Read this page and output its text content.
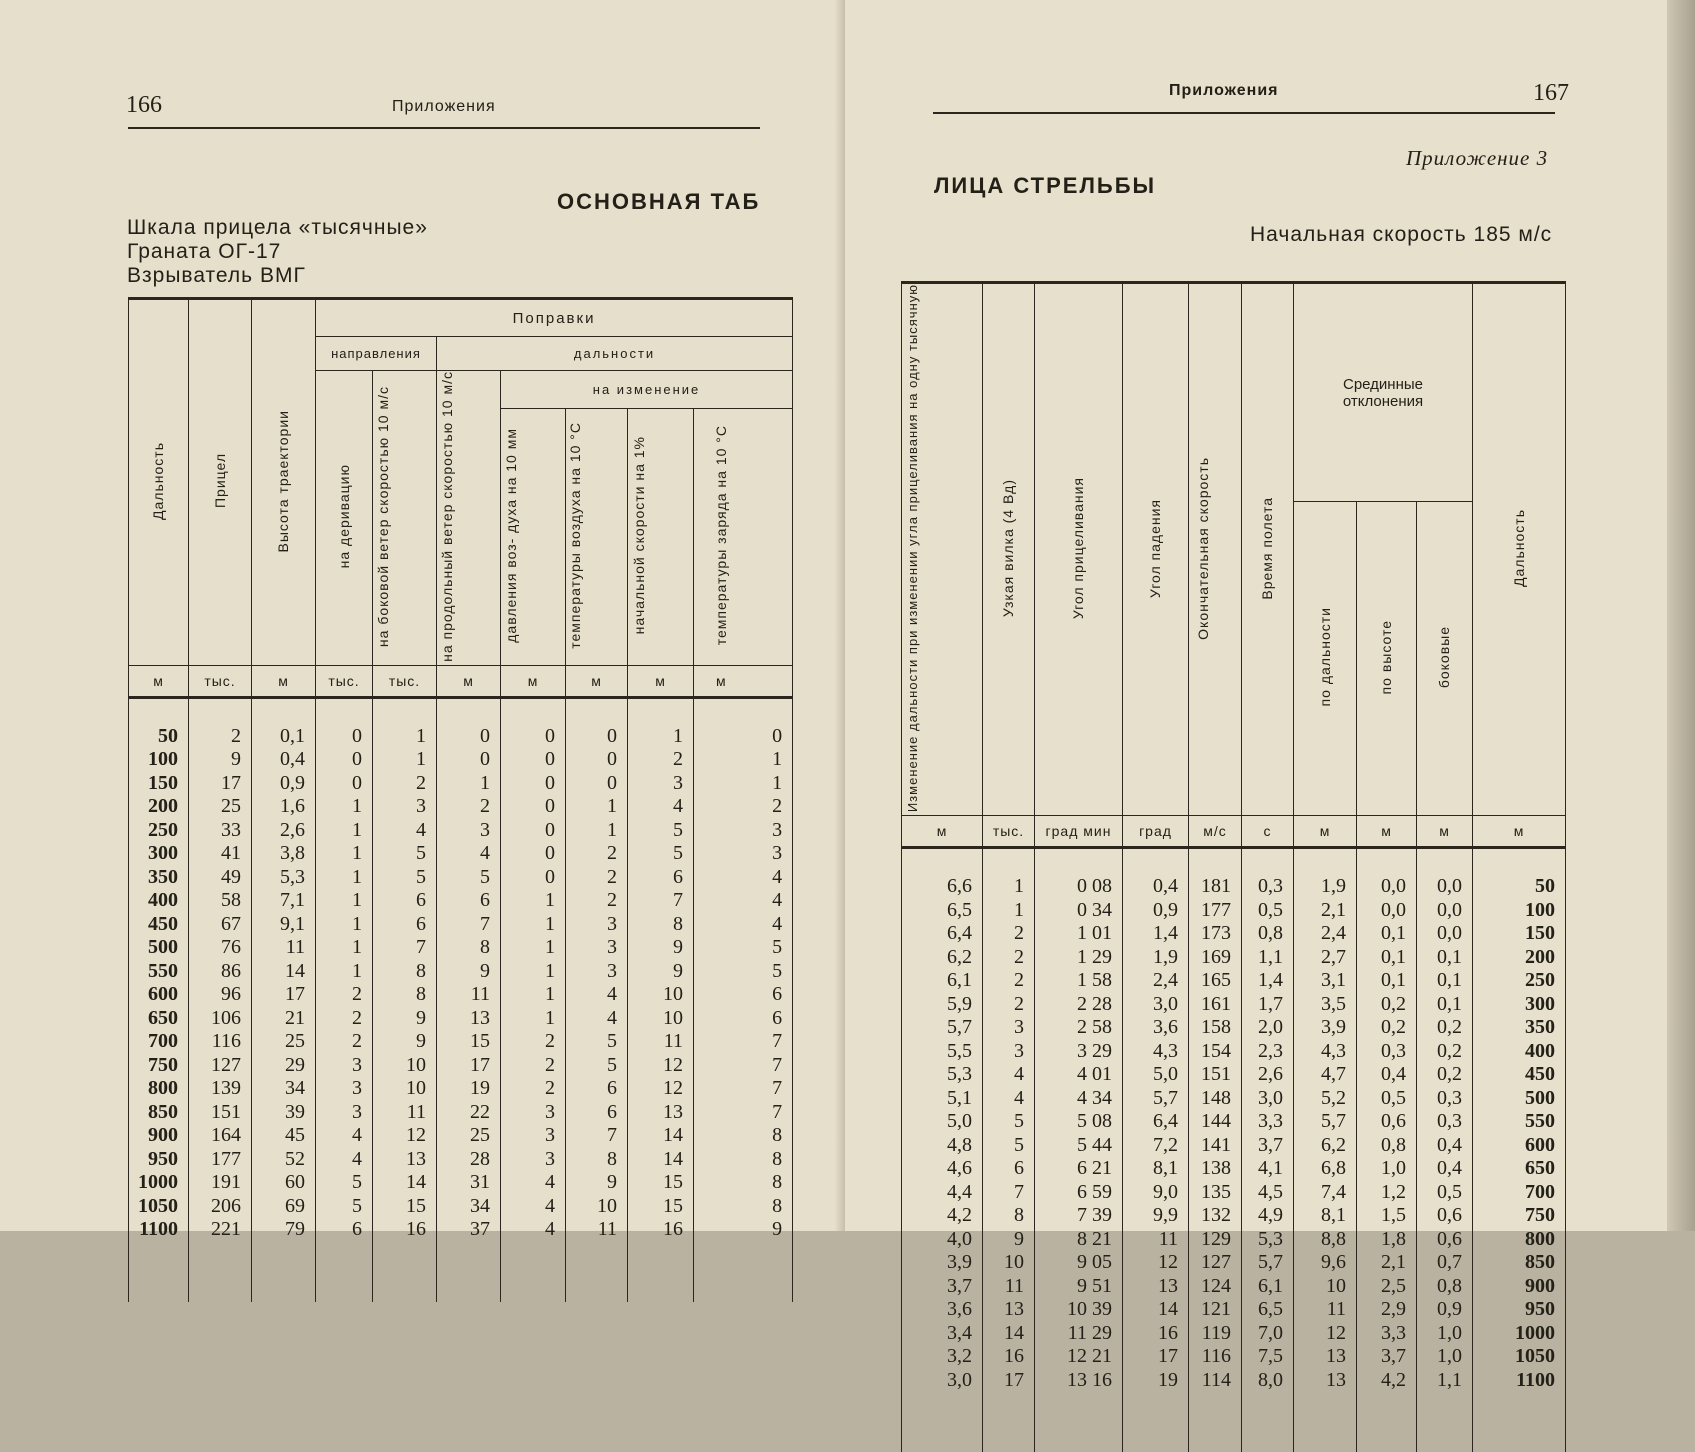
166	Приложения
ОСНОВНАЯ ТАБ
Шкала прицела «тысячные»
Граната ОГ-17
Взрыватель ВМГ
Дальность	Прицел	Высота траектории	Поправки						
			направления		дальности				
			на деривацию	на боковой ветер скоростью 10 м/с	на продольный ветер скоростью 10 м/с	на изменение			
						давления воз- духа на 10 мм	температуры воздуха на 10 °С	начальной скорости на 1%	температуры заряда на 10 °С
м	тыс.	м	тыс.	тыс.	м	м	м	м	м
50	2	0,1	0	1	0	0	0	1	0
100	9	0,4	0	1	0	0	0	2	1
150	17	0,9	0	2	1	0	0	3	1
200	25	1,6	1	3	2	0	1	4	2
250	33	2,6	1	4	3	0	1	5	3
300	41	3,8	1	5	4	0	2	5	3
350	49	5,3	1	5	5	0	2	6	4
400	58	7,1	1	6	6	1	2	7	4
450	67	9,1	1	6	7	1	3	8	4
500	76	11	1	7	8	1	3	9	5
550	86	14	1	8	9	1	3	9	5
600	96	17	2	8	11	1	4	10	6
650	106	21	2	9	13	1	4	10	6
700	116	25	2	9	15	2	5	11	7
750	127	29	3	10	17	2	5	12	7
800	139	34	3	10	19	2	6	12	7
850	151	39	3	11	22	3	6	13	7
900	164	45	4	12	25	3	7	14	8
950	177	52	4	13	28	3	8	14	8
1000	191	60	5	14	31	4	9	15	8
1050	206	69	5	15	34	4	10	15	8
1100	221	79	6	16	37	4	11	16	9

Приложения	167
Приложение 3
ЛИЦА СТРЕЛЬБЫ
Начальная скорость 185 м/с
Изменение дальности при изменении угла прицеливания на одну тысячную	Узкая вилка (4 Вд)	Угол прицеливания	Угол падения	Окончательная скорость	Время полета	Срединные отклонения			Дальность
						по дальности	по высоте	боковые	
м	тыс.	град мин	град	м/с	с	м	м	м	м
6,6	1	0 08	0,4	181	0,3	1,9	0,0	0,0	50
6,5	1	0 34	0,9	177	0,5	2,1	0,0	0,0	100
6,4	2	1 01	1,4	173	0,8	2,4	0,1	0,0	150
6,2	2	1 29	1,9	169	1,1	2,7	0,1	0,1	200
6,1	2	1 58	2,4	165	1,4	3,1	0,1	0,1	250
5,9	2	2 28	3,0	161	1,7	3,5	0,2	0,1	300
5,7	3	2 58	3,6	158	2,0	3,9	0,2	0,2	350
5,5	3	3 29	4,3	154	2,3	4,3	0,3	0,2	400
5,3	4	4 01	5,0	151	2,6	4,7	0,4	0,2	450
5,1	4	4 34	5,7	148	3,0	5,2	0,5	0,3	500
5,0	5	5 08	6,4	144	3,3	5,7	0,6	0,3	550
4,8	5	5 44	7,2	141	3,7	6,2	0,8	0,4	600
4,6	6	6 21	8,1	138	4,1	6,8	1,0	0,4	650
4,4	7	6 59	9,0	135	4,5	7,4	1,2	0,5	700
4,2	8	7 39	9,9	132	4,9	8,1	1,5	0,6	750
4,0	9	8 21	11	129	5,3	8,8	1,8	0,6	800
3,9	10	9 05	12	127	5,7	9,6	2,1	0,7	850
3,7	11	9 51	13	124	6,1	10	2,5	0,8	900
3,6	13	10 39	14	121	6,5	11	2,9	0,9	950
3,4	14	11 29	16	119	7,0	12	3,3	1,0	1000
3,2	16	12 21	17	116	7,5	13	3,7	1,0	1050
3,0	17	13 16	19	114	8,0	13	4,2	1,1	1100
